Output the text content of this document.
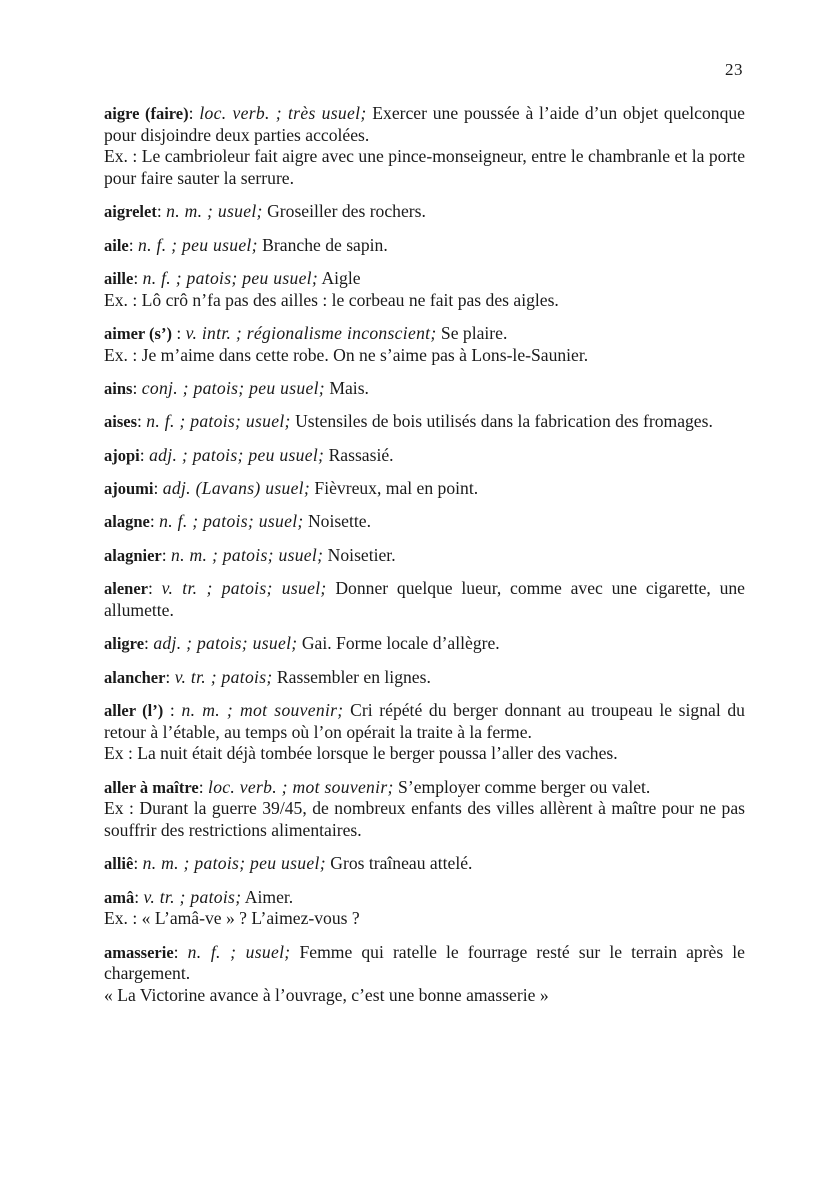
23

aigre (faire): loc. verb. ; très usuel; Exercer une poussée à l’aide d’un objet quelconque pour disjoindre deux parties accolées.

Ex. : Le cambrioleur fait aigre avec une pince-monseigneur, entre le chambranle et la porte pour faire sauter la serrure.

aigrelet: n. m. ; usuel; Groseiller des rochers.

aile: n. f. ; peu usuel; Branche de sapin.

aille: n. f. ; patois; peu usuel; Aigle

Ex. : Lô crô n’fa pas des ailles : le corbeau ne fait pas des aigles.

aimer (s’) : v. intr. ; régionalisme inconscient; Se plaire.

Ex. : Je m’aime dans cette robe. On ne s’aime pas à Lons-le-Saunier.

ains: conj. ; patois; peu usuel; Mais.

aises: n. f. ; patois; usuel; Ustensiles de bois utilisés dans la fabrication des fromages.

ajopi: adj. ; patois; peu usuel; Rassasié.

ajoumi: adj. (Lavans) usuel; Fièvreux, mal en point.

alagne: n. f. ; patois; usuel; Noisette.

alagnier: n. m. ; patois; usuel; Noisetier.

alener: v. tr. ; patois; usuel; Donner quelque lueur, comme avec une cigarette, une allumette.

aligre: adj. ; patois; usuel; Gai. Forme locale d’allègre.

alancher: v. tr. ; patois; Rassembler en lignes.

aller (l’) : n. m. ; mot souvenir; Cri répété du berger donnant au troupeau le signal du retour à l’étable, au temps où l’on opérait la traite à la ferme.

Ex : La nuit était déjà tombée lorsque le berger poussa l’aller des vaches.

aller à maître: loc. verb. ; mot souvenir; S’employer comme berger ou valet.

Ex : Durant la guerre 39/45, de nombreux enfants des villes allèrent à maître pour ne pas souffrir des restrictions alimentaires.

alliê: n. m. ; patois; peu usuel; Gros traîneau attelé.

amâ: v. tr. ; patois; Aimer.

Ex. : « L’amâ-ve » ? L’aimez-vous ?

amasserie: n. f. ; usuel; Femme qui ratelle le fourrage resté sur le terrain après le chargement.

« La Victorine avance à l’ouvrage, c’est une bonne amasserie »
